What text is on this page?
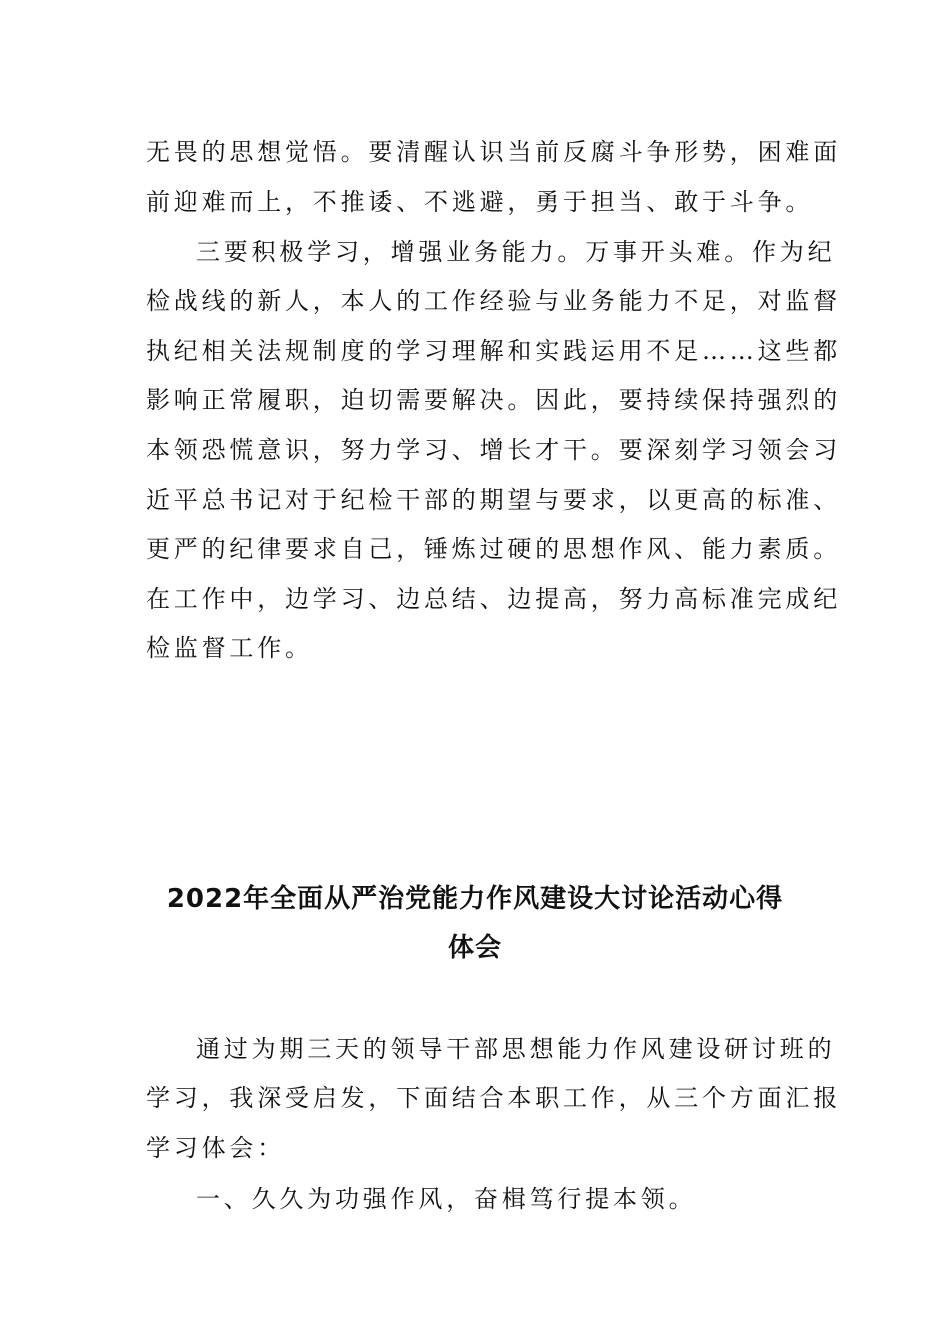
无畏的思想觉悟。要清醒认识当前反腐斗争形势，困难面
前迎难而上，不推诿、不逃避，勇于担当、敢于斗争。
三要积极学习，增强业务能力。万事开头难。作为纪
检战线的新人，本人的工作经验与业务能力不足，对监督
执纪相关法规制度的学习理解和实践运用不足……这些都
影响正常履职，迫切需要解决。因此，要持续保持强烈的
本领恐慌意识，努力学习、增长才干。要深刻学习领会习
近平总书记对于纪检干部的期望与要求，以更高的标准、
更严的纪律要求自己，锤炼过硬的思想作风、能力素质。
在工作中，边学习、边总结、边提高，努力高标准完成纪
检监督工作。
2022年全面从严治党能力作风建设大讨论活动心得
体会
通过为期三天的领导干部思想能力作风建设研讨班的
学习，我深受启发，下面结合本职工作，从三个方面汇报
学习体会：
一、久久为功强作风，奋楫笃行提本领。
